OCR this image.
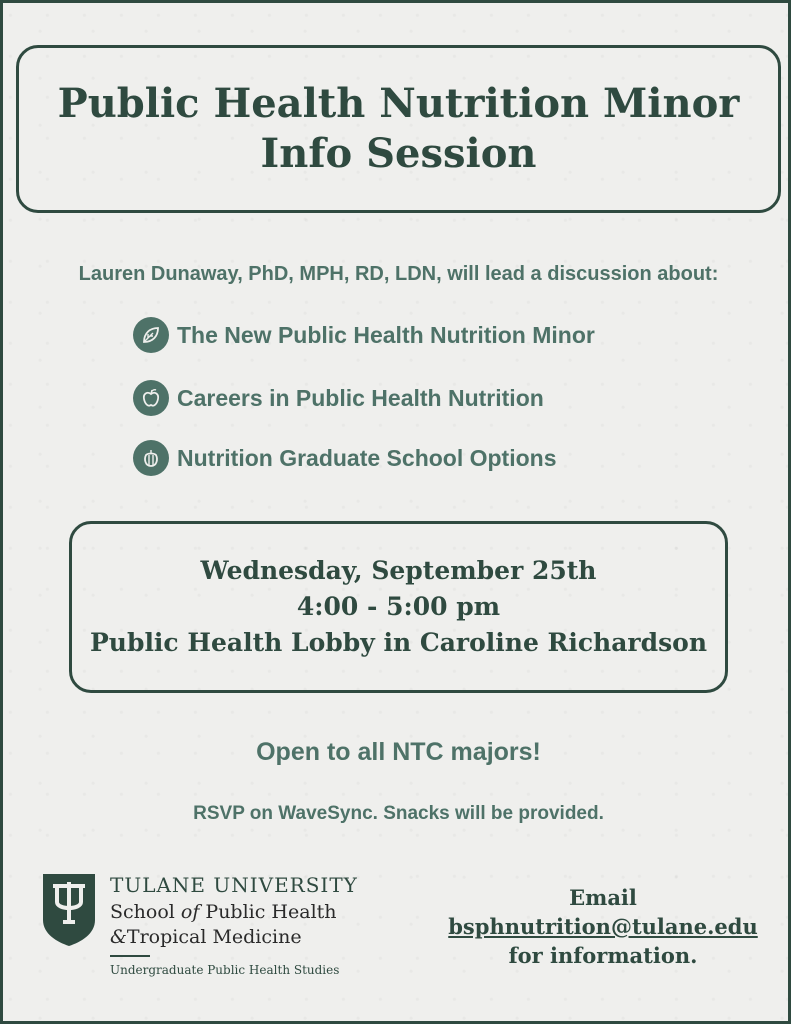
Public Health Nutrition Minor
Info Session
Lauren Dunaway, PhD, MPH, RD, LDN, will lead a discussion about:
The New Public Health Nutrition Minor
Careers in Public Health Nutrition
Nutrition Graduate School Options
Wednesday, September 25th
4:00 - 5:00 pm
Public Health Lobby in Caroline Richardson
Open to all NTC majors!
RSVP on WaveSync. Snacks will be provided.
TULANE UNIVERSITY
School of Public Health
&Tropical Medicine
Undergraduate Public Health Studies
Email
bsphnutrition@tulane.edu
for information.
